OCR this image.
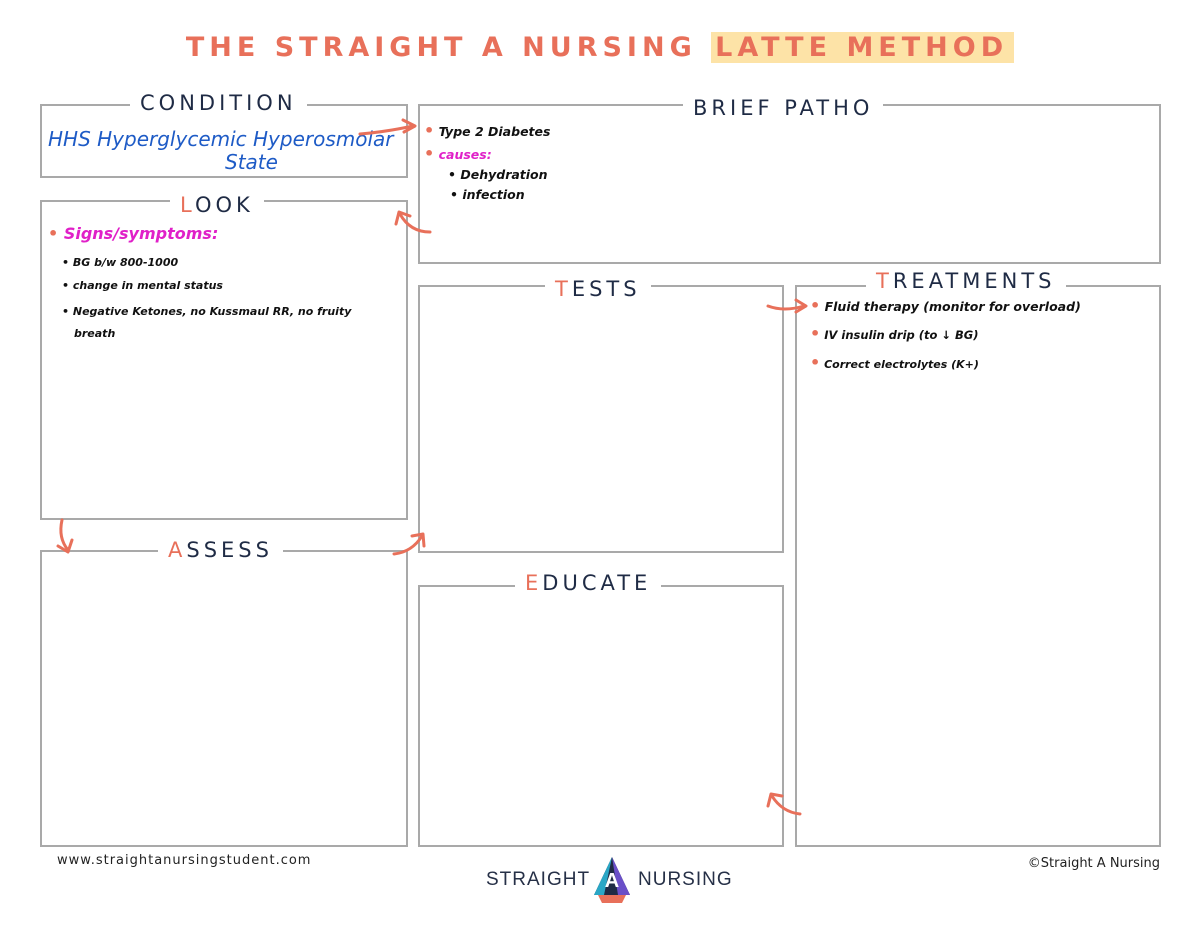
THE STRAIGHT A NURSING LATTE METHOD
CONDITION
HHS Hyperglycemic Hyperosmolar
State
BRIEF PATHO
• Type 2 Diabetes
• causes:
• Dehydration
• infection
LOOK
• Signs/symptoms:
• BG b/w 800-1000
• change in mental status
• Negative Ketones, no Kussmaul RR, no fruity
breath
TESTS	TREATMENTS
• Fluid therapy (monitor for overload)
• IV insulin drip (to ↓ BG)
• Correct electrolytes (K+)
ASSESS
EDUCATE
www.straightanursingstudent.com	©Straight A Nursing
STRAIGHT A NURSING
